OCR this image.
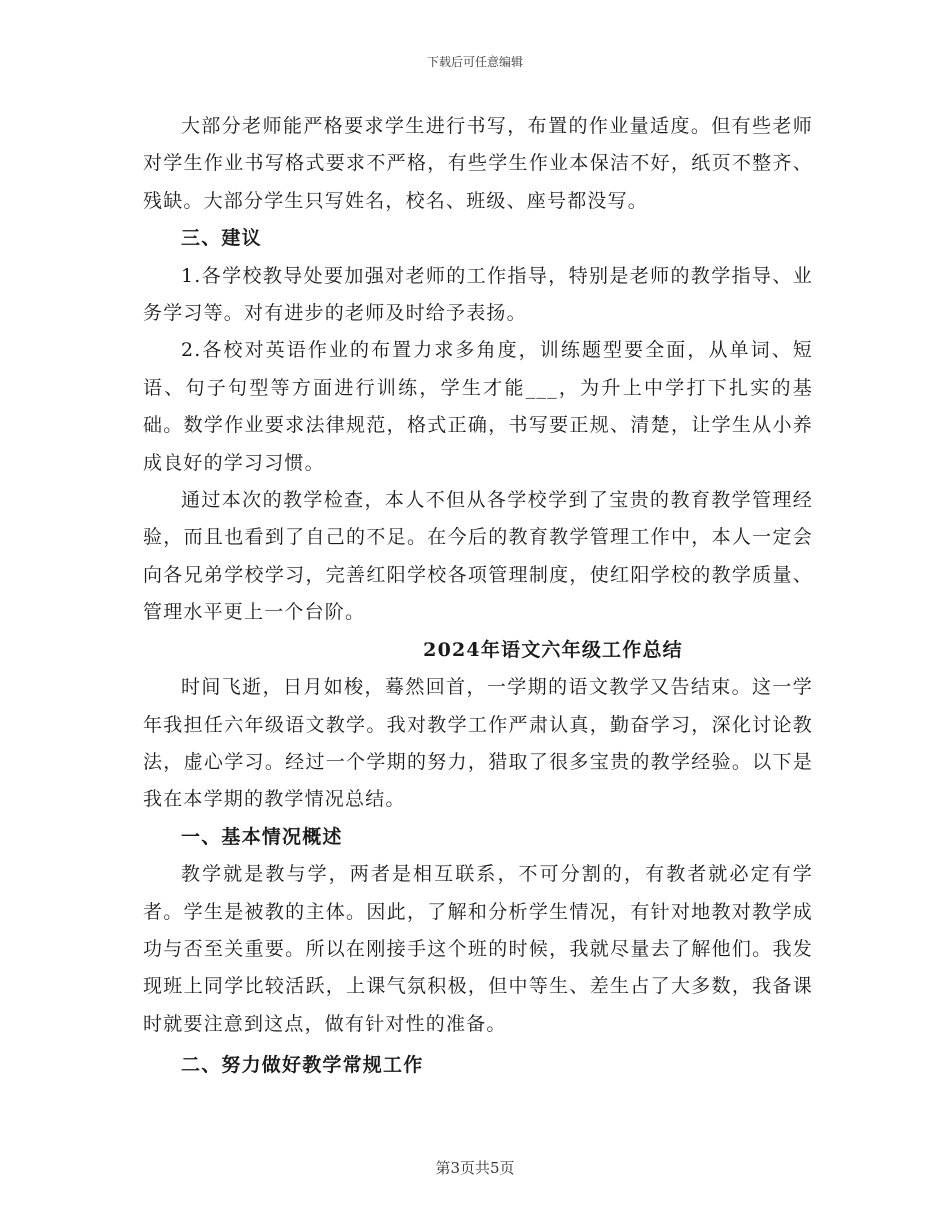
下载后可任意编辑

大部分老师能严格要求学生进行书写，布置的作业量适度。但有些老师对学生作业书写格式要求不严格，有些学生作业本保洁不好，纸页不整齐、残缺。大部分学生只写姓名，校名、班级、座号都没写。

三、建议

1.各学校教导处要加强对老师的工作指导，特别是老师的教学指导、业务学习等。对有进步的老师及时给予表扬。

2.各校对英语作业的布置力求多角度，训练题型要全面，从单词、短语、句子句型等方面进行训练，学生才能___，为升上中学打下扎实的基础。数学作业要求法律规范，格式正确，书写要正规、清楚，让学生从小养成良好的学习习惯。

通过本次的教学检查，本人不但从各学校学到了宝贵的教育教学管理经验，而且也看到了自己的不足。在今后的教育教学管理工作中，本人一定会向各兄弟学校学习，完善红阳学校各项管理制度，使红阳学校的教学质量、管理水平更上一个台阶。

2024年语文六年级工作总结

时间飞逝，日月如梭，蓦然回首，一学期的语文教学又告结束。这一学年我担任六年级语文教学。我对教学工作严肃认真，勤奋学习，深化讨论教法，虚心学习。经过一个学期的努力，猎取了很多宝贵的教学经验。以下是我在本学期的教学情况总结。

一、基本情况概述

教学就是教与学，两者是相互联系，不可分割的，有教者就必定有学者。学生是被教的主体。因此，了解和分析学生情况，有针对地教对教学成功与否至关重要。所以在刚接手这个班的时候，我就尽量去了解他们。我发现班上同学比较活跃，上课气氛积极，但中等生、差生占了大多数，我备课时就要注意到这点，做有针对性的准备。

二、努力做好教学常规工作

第3页共5页
